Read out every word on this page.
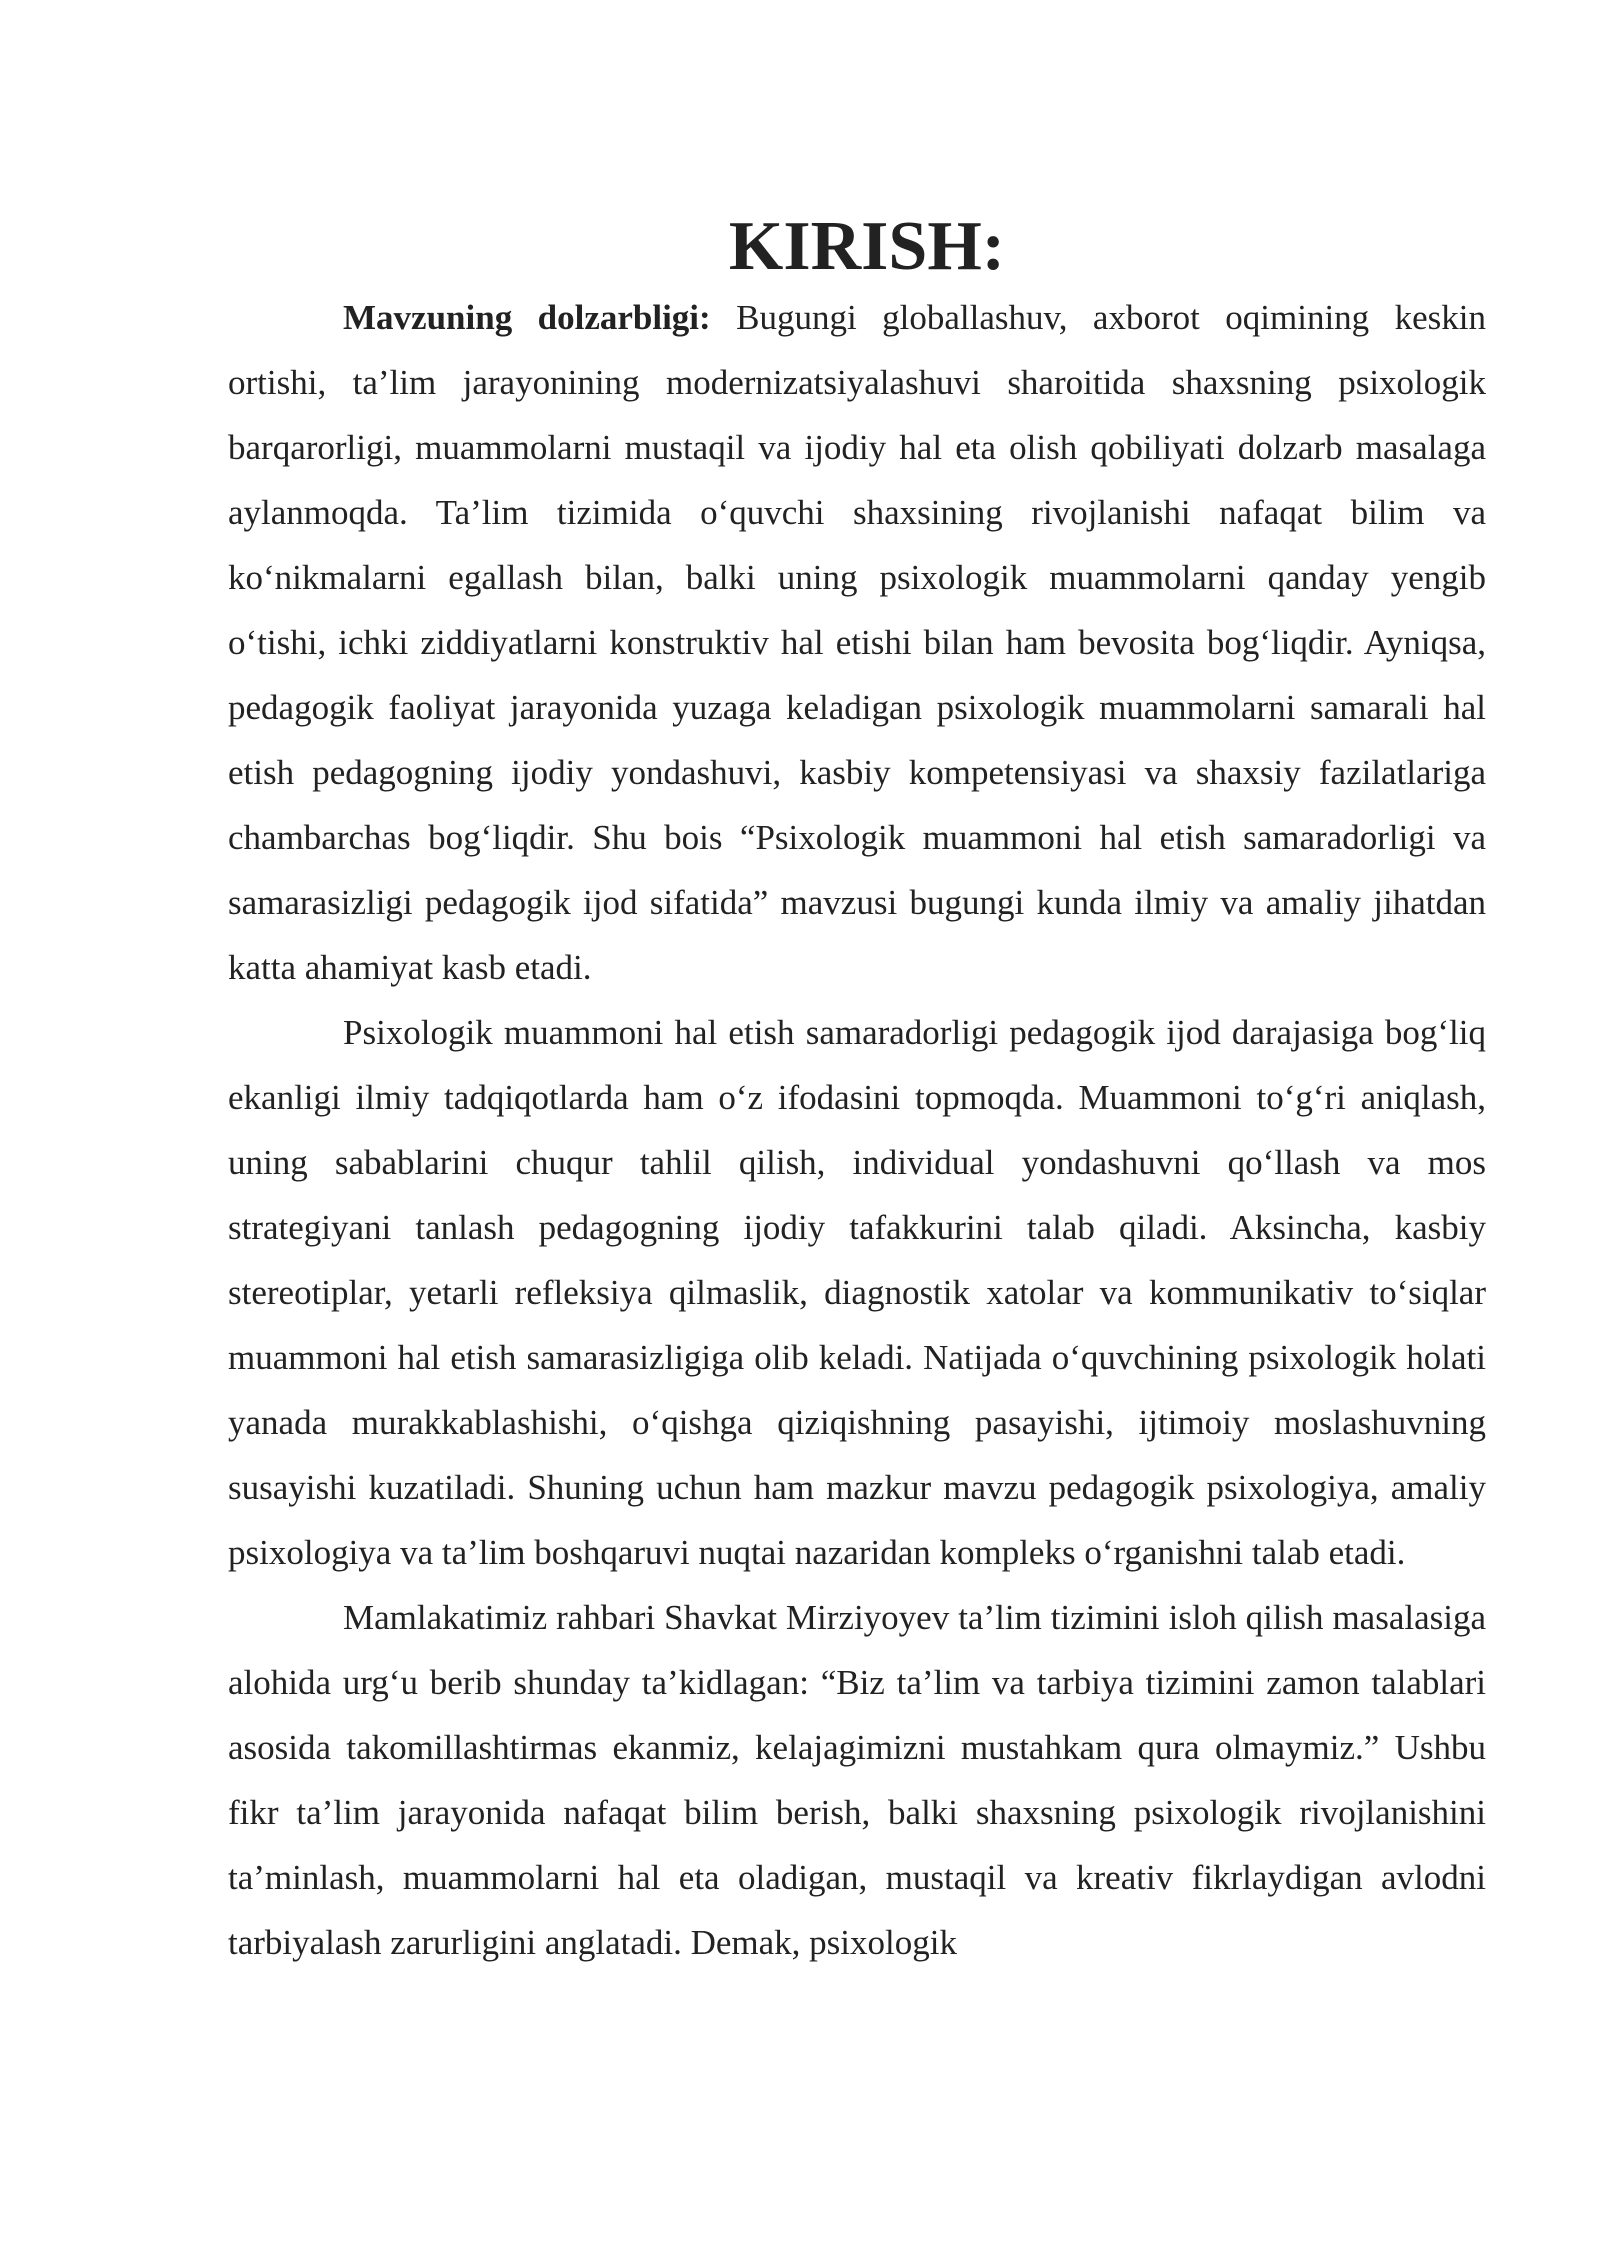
KIRISH:

Mavzuning dolzarbligi: Bugungi globallashuv, axborot oqimining keskin ortishi, ta’lim jarayonining modernizatsiyalashuvi sharoitida shaxsning psixologik barqarorligi, muammolarni mustaqil va ijodiy hal eta olish qobiliyati dolzarb masalaga aylanmoqda. Ta’lim tizimida o‘quvchi shaxsining rivojlanishi nafaqat bilim va ko‘nikmalarni egallash bilan, balki uning psixologik muammolarni qanday yengib o‘tishi, ichki ziddiyatlarni konstruktiv hal etishi bilan ham bevosita bog‘liqdir. Ayniqsa, pedagogik faoliyat jarayonida yuzaga keladigan psixologik muammolarni samarali hal etish pedagogning ijodiy yondashuvi, kasbiy kompetensiyasi va shaxsiy fazilatlariga chambarchas bog‘liqdir. Shu bois “Psixologik muammoni hal etish samaradorligi va samarasizligi pedagogik ijod sifatida” mavzusi bugungi kunda ilmiy va amaliy jihatdan katta ahamiyat kasb etadi.

Psixologik muammoni hal etish samaradorligi pedagogik ijod darajasiga bog‘liq ekanligi ilmiy tadqiqotlarda ham o‘z ifodasini topmoqda. Muammoni to‘g‘ri aniqlash, uning sabablarini chuqur tahlil qilish, individual yondashuvni qo‘llash va mos strategiyani tanlash pedagogning ijodiy tafakkurini talab qiladi. Aksincha, kasbiy stereotiplar, yetarli refleksiya qilmaslik, diagnostik xatolar va kommunikativ to‘siqlar muammoni hal etish samarasizligiga olib keladi. Natijada o‘quvchining psixologik holati yanada murakkablashishi, o‘qishga qiziqishning pasayishi, ijtimoiy moslashuvning susayishi kuzatiladi. Shuning uchun ham mazkur mavzu pedagogik psixologiya, amaliy psixologiya va ta’lim boshqaruvi nuqtai nazaridan kompleks o‘rganishni talab etadi.

Mamlakatimiz rahbari Shavkat Mirziyoyev ta’lim tizimini isloh qilish masalasiga alohida urg‘u berib shunday ta’kidlagan: “Biz ta’lim va tarbiya tizimini zamon talablari asosida takomillashtirmas ekanmiz, kelajagimizni mustahkam qura olmaymiz.” Ushbu fikr ta’lim jarayonida nafaqat bilim berish, balki shaxsning psixologik rivojlanishini ta’minlash, muammolarni hal eta oladigan, mustaqil va kreativ fikrlaydigan avlodni tarbiyalash zarurligini anglatadi. Demak, psixologik
